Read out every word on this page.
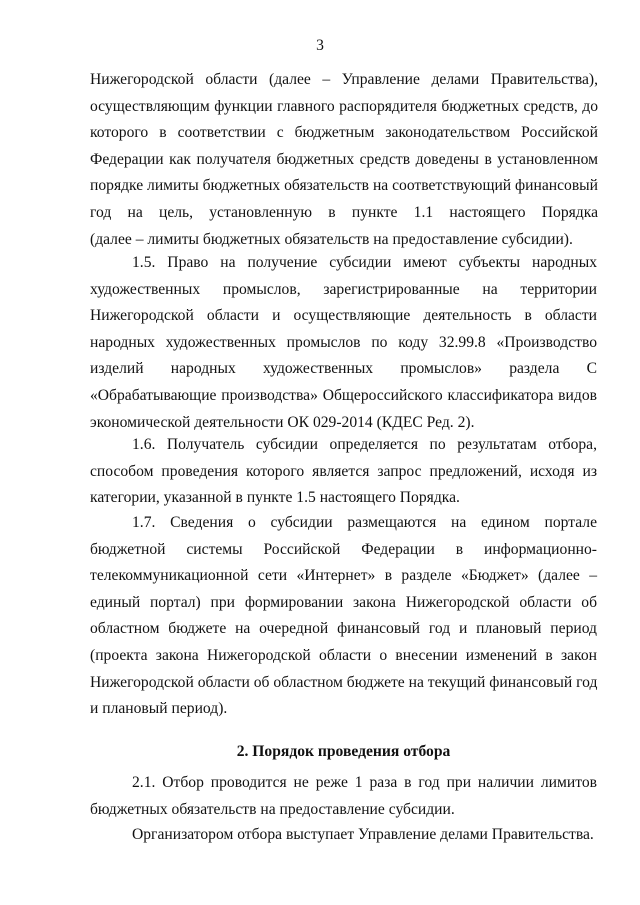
3
Нижегородской области (далее – Управление делами Правительства),
осуществляющим функции главного распорядителя бюджетных средств, до
которого в соответствии с бюджетным законодательством Российской
Федерации как получателя бюджетных средств доведены в установленном
порядке лимиты бюджетных обязательств на соответствующий финансовый
год на цель, установленную в пункте 1.1 настоящего Порядка
(далее – лимиты бюджетных обязательств на предоставление субсидии).
1.5. Право на получение субсидии имеют субъекты народных
художественных промыслов, зарегистрированные на территории
Нижегородской области и осуществляющие деятельность в области
народных художественных промыслов по коду 32.99.8 «Производство
изделий народных художественных промыслов» раздела С
«Обрабатывающие производства» Общероссийского классификатора видов
экономической деятельности ОК 029-2014 (КДЕС Ред. 2).
1.6. Получатель субсидии определяется по результатам отбора,
способом проведения которого является запрос предложений, исходя из
категории, указанной в пункте 1.5 настоящего Порядка.
1.7. Сведения о субсидии размещаются на едином портале
бюджетной системы Российской Федерации в информационно-
телекоммуникационной сети «Интернет» в разделе «Бюджет» (далее –
единый портал) при формировании закона Нижегородской области об
областном бюджете на очередной финансовый год и плановый период
(проекта закона Нижегородской области о внесении изменений в закон
Нижегородской области об областном бюджете на текущий финансовый год
и плановый период).
2. Порядок проведения отбора
2.1. Отбор проводится не реже 1 раза в год при наличии лимитов
бюджетных обязательств на предоставление субсидии.
Организатором отбора выступает Управление делами Правительства.
